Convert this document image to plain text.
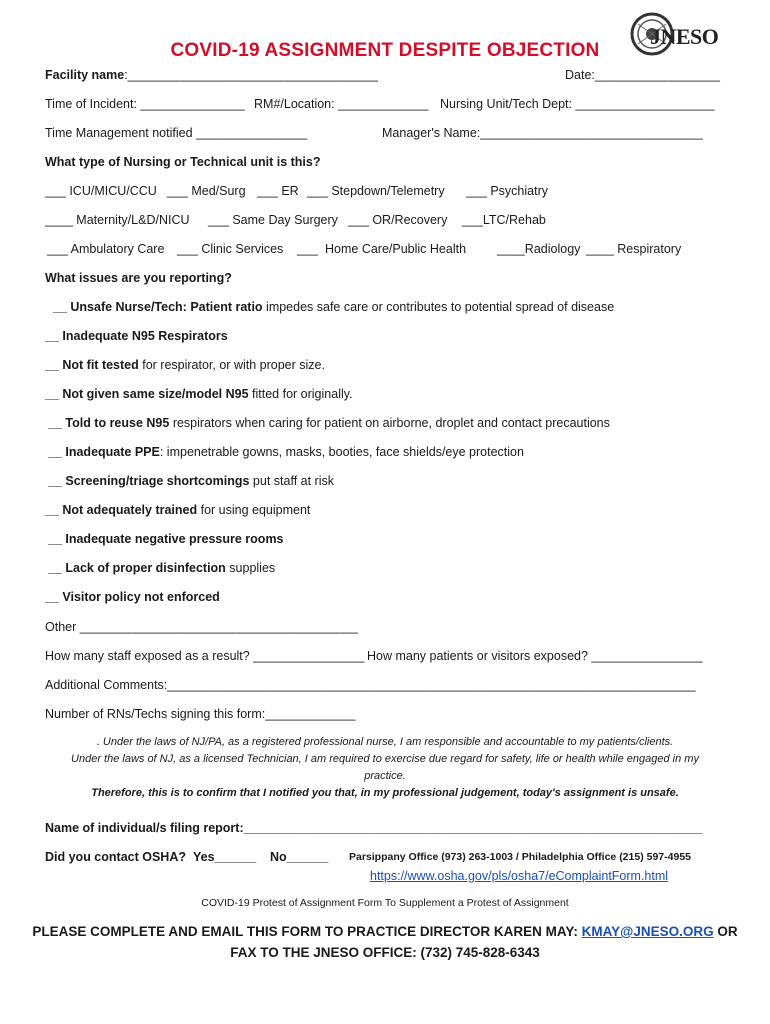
JNESO
COVID-19 ASSIGNMENT DESPITE OBJECTION
Facility name:____________________________________	Date:__________________
Time of Incident: _______________ RM#/Location: _____________ Nursing Unit/Tech Dept: ____________________
Time Management notified ________________	Manager's Name:________________________________
What type of Nursing or Technical unit is this?
___ ICU/MICU/CCU ___ Med/Surg ___ ER ___ Stepdown/Telemetry ___ Psychiatry
____ Maternity/L&D/NICU ___ Same Day Surgery ___ OR/Recovery ___LTC/Rehab
___ Ambulatory Care ___ Clinic Services ___ Home Care/Public Health ____Radiology ____ Respiratory
What issues are you reporting?
__ Unsafe Nurse/Tech: Patient ratio impedes safe care or contributes to potential spread of disease
__ Inadequate N95 Respirators
__ Not fit tested for respirator, or with proper size.
__ Not given same size/model N95 fitted for originally.
__ Told to reuse N95 respirators when caring for patient on airborne, droplet and contact precautions
__ Inadequate PPE: impenetrable gowns, masks, booties, face shields/eye protection
__ Screening/triage shortcomings put staff at risk
__ Not adequately trained for using equipment
__ Inadequate negative pressure rooms
__ Lack of proper disinfection supplies
__ Visitor policy not enforced
Other ________________________________________
How many staff exposed as a result? ________________ How many patients or visitors exposed? ________________
Additional Comments:____________________________________________________________________________
Number of RNs/Techs signing this form:_____________
. Under the laws of NJ/PA, as a registered professional nurse, I am responsible and accountable to my patients/clients.
Under the laws of NJ, as a licensed Technician, I am required to exercise due regard for safety, life or health while engaged in my
practice.
Therefore, this is to confirm that I notified you that, in my professional judgement, today's assignment is unsafe.
Name of individual/s filing report:__________________________________________________________________
Did you contact OSHA? Yes______ No______ Parsippany Office (973) 263-1003 / Philadelphia Office (215) 597-4955
https://www.osha.gov/pls/osha7/eComplaintForm.html
COVID-19 Protest of Assignment Form To Supplement a Protest of Assignment
PLEASE COMPLETE AND EMAIL THIS FORM TO PRACTICE DIRECTOR KAREN MAY: KMAY@JNESO.ORG OR
FAX TO THE JNESO OFFICE: (732) 745-828-6343
